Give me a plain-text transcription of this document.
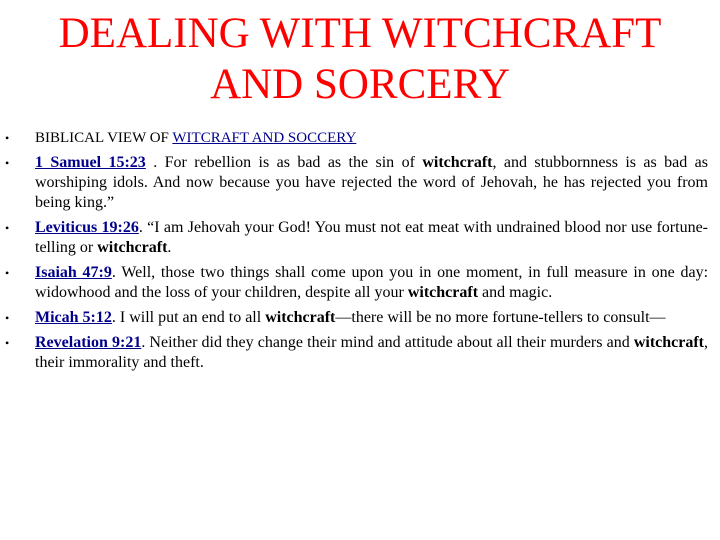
DEALING WITH WITCHCRAFT
AND SORCERY
• BIBLICAL VIEW OF WITCRAFT AND SOCCERY
• 1 Samuel 15:23 . For rebellion is as bad as the sin of witchcraft, and stubbornness is as bad as worshiping idols. And now because you have rejected the word of Jehovah, he has rejected you from being king.”
• Leviticus 19:26. “I am Jehovah your God! You must not eat meat with undrained blood nor use fortune-telling or witchcraft.
• Isaiah 47:9. Well, those two things shall come upon you in one moment, in full measure in one day: widowhood and the loss of your children, despite all your witchcraft and magic.
• Micah 5:12. I will put an end to all witchcraft—there will be no more fortune-tellers to consult—
• Revelation 9:21. Neither did they change their mind and attitude about all their murders and witchcraft, their immorality and theft.
